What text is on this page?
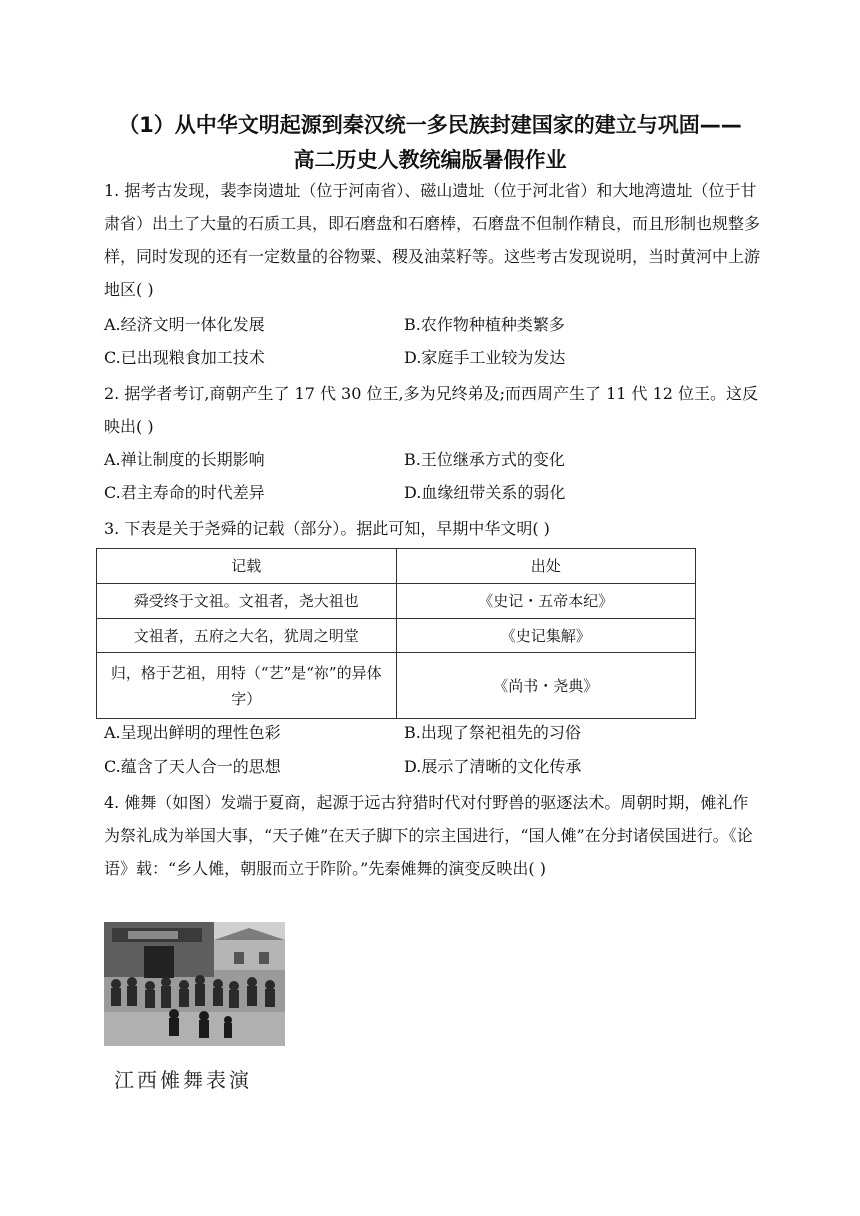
（1）从中华文明起源到秦汉统一多民族封建国家的建立与巩固——
高二历史人教统编版暑假作业

1. 据考古发现，裴李岗遗址（位于河南省）、磁山遗址（位于河北省）和大地湾遗址（位于甘肃省）出土了大量的石质工具，即石磨盘和石磨棒，石磨盘不但制作精良，而且形制也规整多样，同时发现的还有一定数量的谷物粟、稷及油菜籽等。这些考古发现说明，当时黄河中上游地区( )

A.经济文明一体化发展	B.农作物种植种类繁多
C.已出现粮食加工技术	D.家庭手工业较为发达

2. 据学者考订,商朝产生了 17 代 30 位王,多为兄终弟及;而西周产生了 11 代 12 位王。这反映出( )

A.禅让制度的长期影响	B.王位继承方式的变化
C.君主寿命的时代差异	D.血缘纽带关系的弱化

3. 下表是关于尧舜的记载（部分）。据此可知，早期中华文明( )

记载	出处
舜受终于文祖。文祖者，尧大祖也	《史记・五帝本纪》
文祖者，五府之大名，犹周之明堂	《史记集解》
归，格于艺祖，用特（“艺”是“祢”的异体字）	《尚书・尧典》
A.呈现出鲜明的理性色彩	B.出现了祭祀祖先的习俗
C.蕴含了天人合一的思想	D.展示了清晰的文化传承

4. 傩舞（如图）发端于夏商，起源于远古狩猎时代对付野兽的驱逐法术。周朝时期，傩礼作为祭礼成为举国大事，“天子傩”在天子脚下的宗主国进行，“国人傩”在分封诸侯国进行。《论语》载：“乡人傩，朝服而立于阼阶。”先秦傩舞的演变反映出( )

江西傩舞表演
